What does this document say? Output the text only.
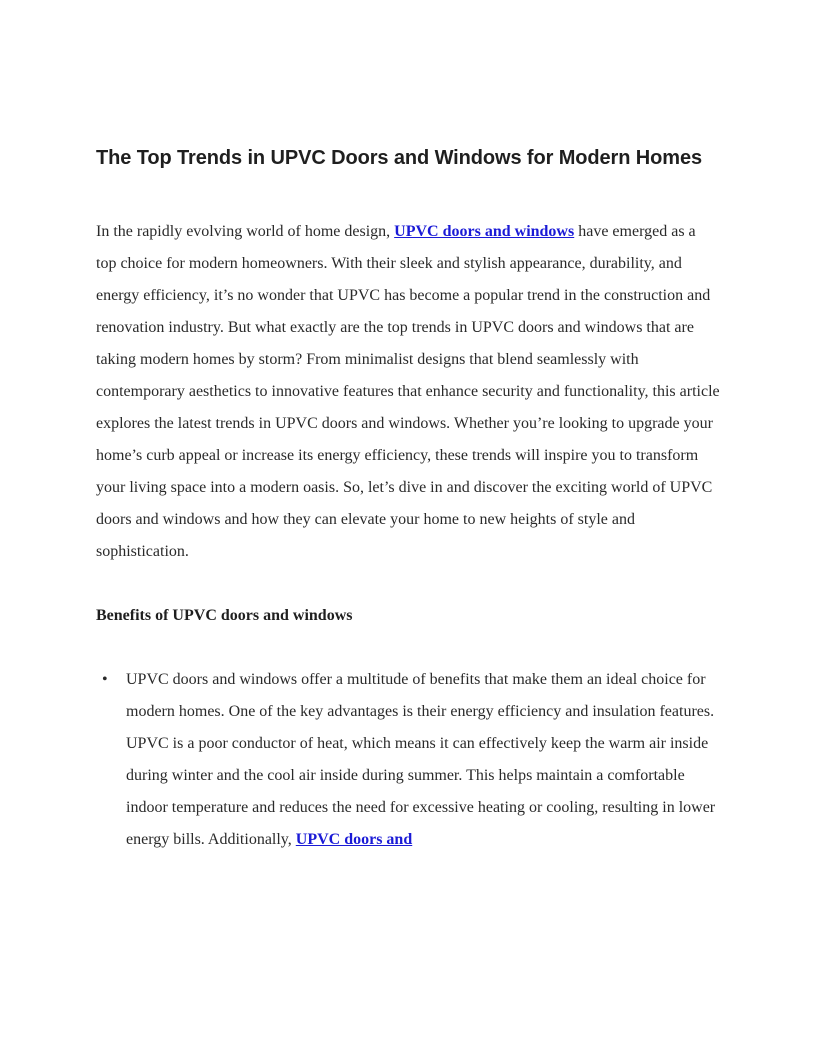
The Top Trends in UPVC Doors and Windows for Modern Homes

In the rapidly evolving world of home design, UPVC doors and windows have emerged as a top choice for modern homeowners. With their sleek and stylish appearance, durability, and energy efficiency, it’s no wonder that UPVC has become a popular trend in the construction and renovation industry. But what exactly are the top trends in UPVC doors and windows that are taking modern homes by storm? From minimalist designs that blend seamlessly with contemporary aesthetics to innovative features that enhance security and functionality, this article explores the latest trends in UPVC doors and windows. Whether you’re looking to upgrade your home’s curb appeal or increase its energy efficiency, these trends will inspire you to transform your living space into a modern oasis. So, let’s dive in and discover the exciting world of UPVC doors and windows and how they can elevate your home to new heights of style and sophistication.

Benefits of UPVC doors and windows
• UPVC doors and windows offer a multitude of benefits that make them an ideal choice for modern homes. One of the key advantages is their energy efficiency and insulation features. UPVC is a poor conductor of heat, which means it can effectively keep the warm air inside during winter and the cool air inside during summer. This helps maintain a comfortable indoor temperature and reduces the need for excessive heating or cooling, resulting in lower energy bills. Additionally, UPVC doors and
